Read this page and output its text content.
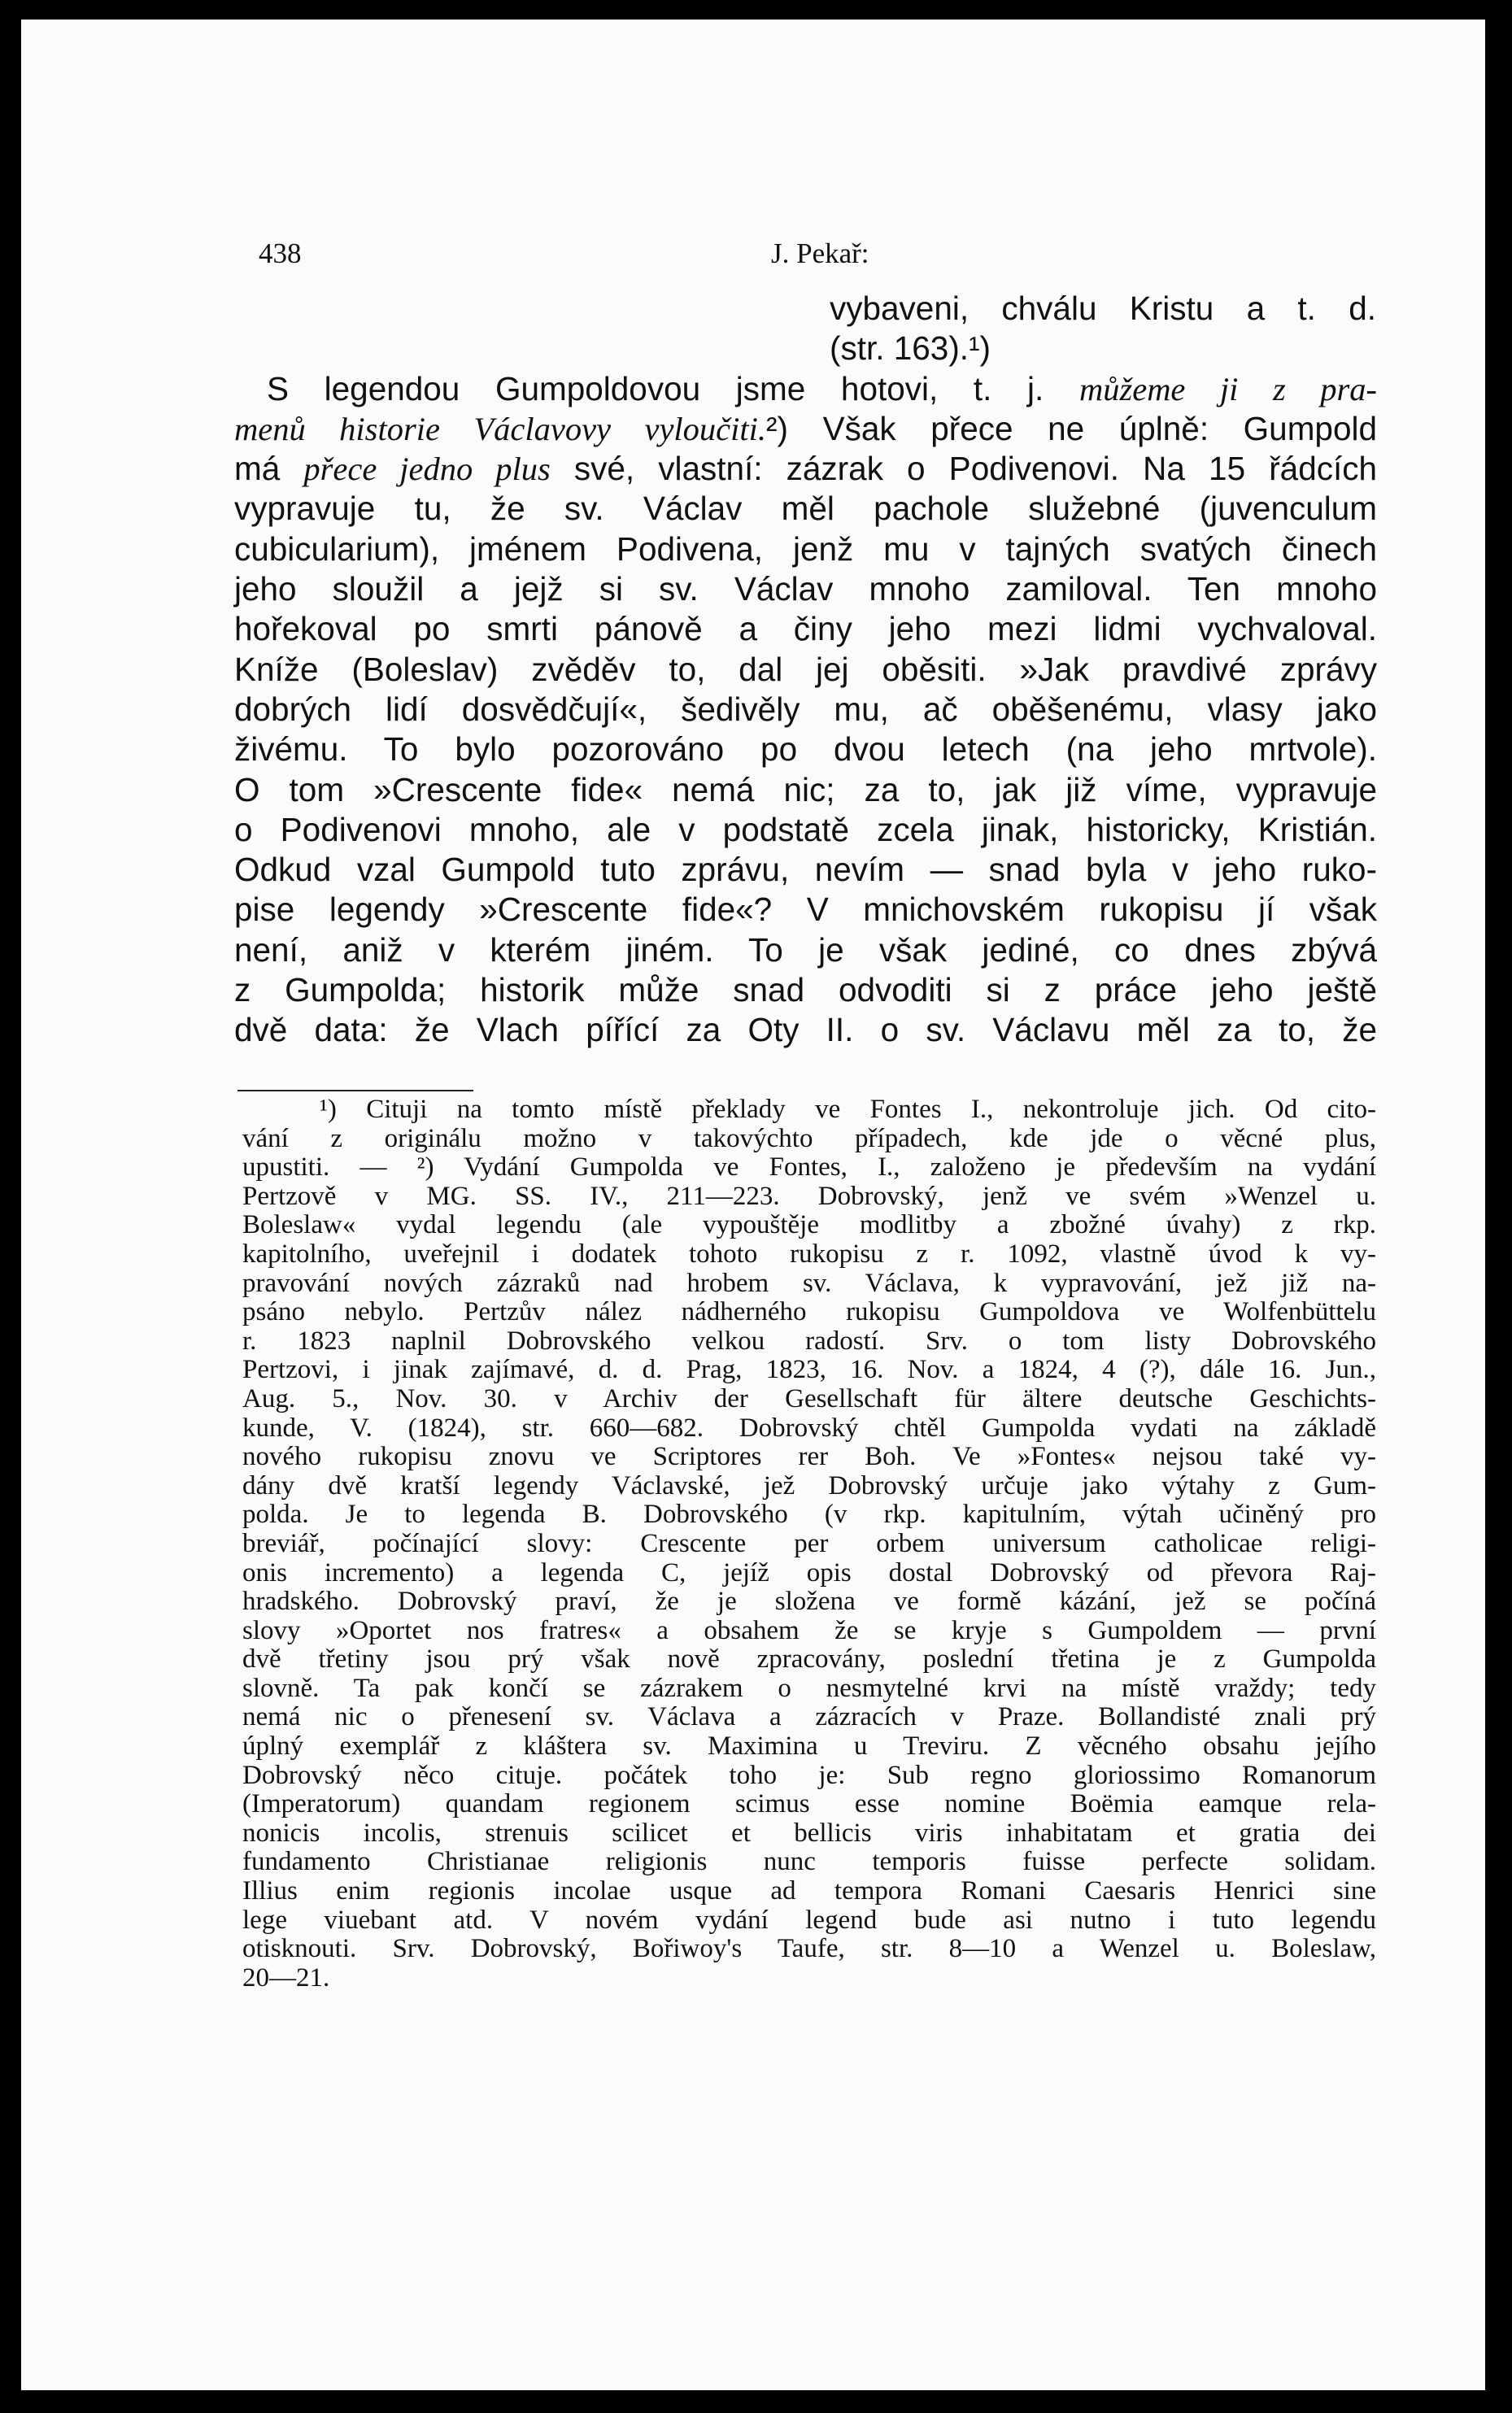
438	J. Pekař:
vybaveni, chválu Kristu a t. d.
(str. 163).¹)
S legendou Gumpoldovou jsme hotovi, t. j. můžeme ji z pra-
menů historie Václavovy vyloučiti.²) Však přece ne úplně: Gumpold
má přece jedno plus své, vlastní: zázrak o Podivenovi. Na 15 řádcích
vypravuje tu, že sv. Václav měl pachole služebné (juvenculum
cubicularium), jménem Podivena, jenž mu v tajných svatých činech
jeho sloužil a jejž si sv. Václav mnoho zamiloval. Ten mnoho
hořekoval po smrti pánově a činy jeho mezi lidmi vychvaloval.
Kníže (Boleslav) zvěděv to, dal jej oběsiti. »Jak pravdivé zprávy
dobrých lidí dosvědčují«, šedivěly mu, ač oběšenému, vlasy jako
živému. To bylo pozorováno po dvou letech (na jeho mrtvole).
O tom »Crescente fide« nemá nic; za to, jak již víme, vypravuje
o Podivenovi mnoho, ale v podstatě zcela jinak, historicky, Kristián.
Odkud vzal Gumpold tuto zprávu, nevím — snad byla v jeho ruko-
pise legendy »Crescente fide«? V mnichovském rukopisu jí však
není, aniž v kterém jiném. To je však jediné, co dnes zbývá
z Gumpolda; historik může snad odvoditi si z práce jeho ještě
dvě data: že Vlach pířící za Oty II. o sv. Václavu měl za to, že
¹) Cituji na tomto místě překlady ve Fontes I., nekontroluje jich. Od cito-
vání z originálu možno v takovýchto případech, kde jde o věcné plus,
upustiti. — ²) Vydání Gumpolda ve Fontes, I., založeno je především na vydání
Pertzově v MG. SS. IV., 211—223. Dobrovský, jenž ve svém »Wenzel u.
Boleslaw« vydal legendu (ale vypouštěje modlitby a zbožné úvahy) z rkp.
kapitolního, uveřejnil i dodatek tohoto rukopisu z r. 1092, vlastně úvod k vy-
pravování nových zázraků nad hrobem sv. Václava, k vypravování, jež již na-
psáno nebylo. Pertzův nález nádherného rukopisu Gumpoldova ve Wolfenbüttelu
r. 1823 naplnil Dobrovského velkou radostí. Srv. o tom listy Dobrovského
Pertzovi, i jinak zajímavé, d. d. Prag, 1823, 16. Nov. a 1824, 4 (?), dále 16. Jun.,
Aug. 5., Nov. 30. v Archiv der Gesellschaft für ältere deutsche Geschichts-
kunde, V. (1824), str. 660—682. Dobrovský chtěl Gumpolda vydati na základě
nového rukopisu znovu ve Scriptores rer Boh. Ve »Fontes« nejsou také vy-
dány dvě kratší legendy Václavské, jež Dobrovský určuje jako výtahy z Gum-
polda. Je to legenda B. Dobrovského (v rkp. kapitulním, výtah učiněný pro
breviář, počínající slovy: Crescente per orbem universum catholicae religi-
onis incremento) a legenda C, jejíž opis dostal Dobrovský od převora Raj-
hradského. Dobrovský praví, že je složena ve formě kázání, jež se počíná
slovy »Oportet nos fratres« a obsahem že se kryje s Gumpoldem — první
dvě třetiny jsou prý však nově zpracovány, poslední třetina je z Gumpolda
slovně. Ta pak končí se zázrakem o nesmytelné krvi na místě vraždy; tedy
nemá nic o přenesení sv. Václava a zázracích v Praze. Bollandisté znali prý
úplný exemplář z kláštera sv. Maximina u Treviru. Z věcného obsahu jejího
Dobrovský něco cituje. počátek toho je: Sub regno gloriossimo Romanorum
(Imperatorum) quandam regionem scimus esse nomine Boëmia eamque rela-
nonicis incolis, strenuis scilicet et bellicis viris inhabitatam et gratia dei
fundamento Christianae religionis nunc temporis fuisse perfecte solidam.
Illius enim regionis incolae usque ad tempora Romani Caesaris Henrici sine
lege viuebant atd. V novém vydání legend bude asi nutno i tuto legendu
otisknouti. Srv. Dobrovský, Bořiwoy's Taufe, str. 8—10 a Wenzel u. Boleslaw,
20—21.
